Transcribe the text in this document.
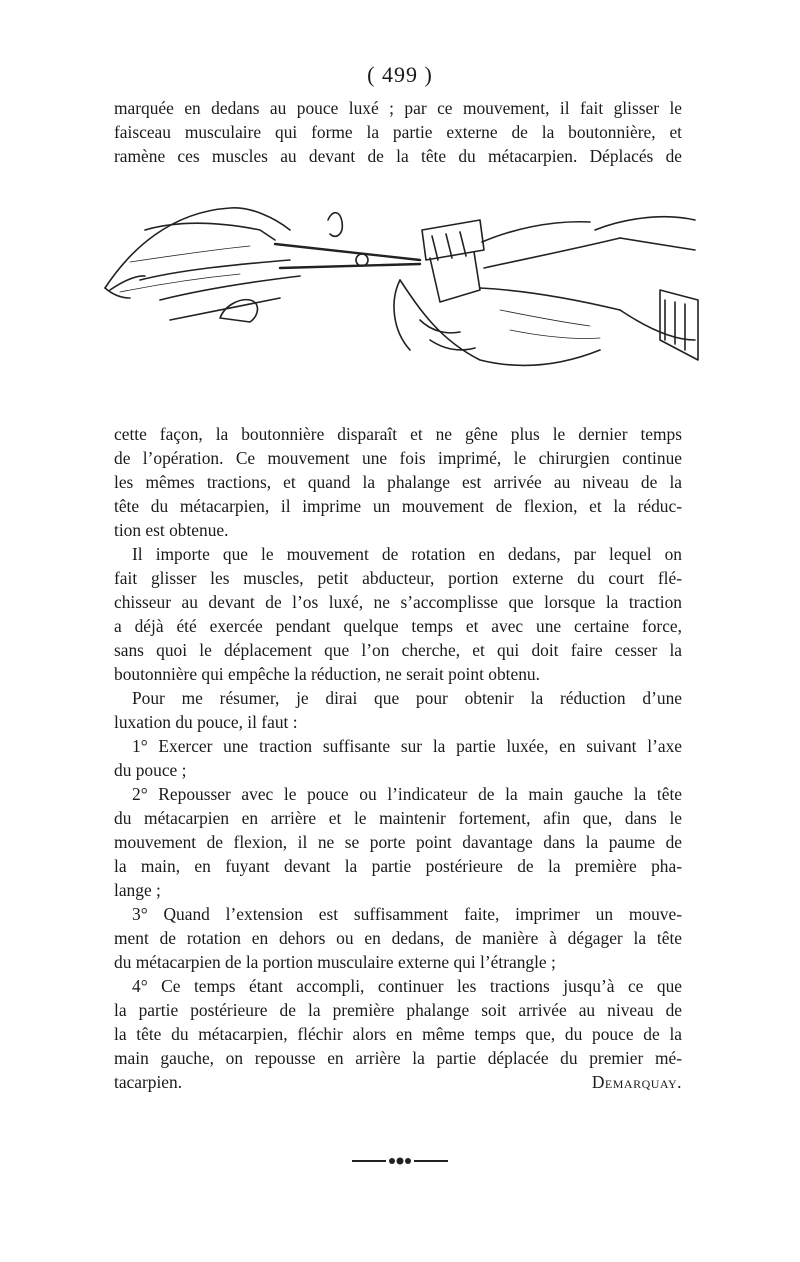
( 499 )
marquée en dedans au pouce luxé ; par ce mouvement, il fait glisser le
faisceau musculaire qui forme la partie externe de la boutonnière, et
ramène ces muscles au devant de la tête du métacarpien. Déplacés de
cette façon, la boutonnière disparaît et ne gêne plus le dernier temps
de l’opération. Ce mouvement une fois imprimé, le chirurgien continue
les mêmes tractions, et quand la phalange est arrivée au niveau de la
tête du métacarpien, il imprime un mouvement de flexion, et la réduc-
tion est obtenue.
Il importe que le mouvement de rotation en dedans, par lequel on
fait glisser les muscles, petit abducteur, portion externe du court flé-
chisseur au devant de l’os luxé, ne s’accomplisse que lorsque la traction
a déjà été exercée pendant quelque temps et avec une certaine force,
sans quoi le déplacement que l’on cherche, et qui doit faire cesser la
boutonnière qui empêche la réduction, ne serait point obtenu.
Pour me résumer, je dirai que pour obtenir la réduction d’une
luxation du pouce, il faut :
1° Exercer une traction suffisante sur la partie luxée, en suivant l’axe
du pouce ;
2° Repousser avec le pouce ou l’indicateur de la main gauche la tête
du métacarpien en arrière et le maintenir fortement, afin que, dans le
mouvement de flexion, il ne se porte point davantage dans la paume de
la main, en fuyant devant la partie postérieure de la première pha-
lange ;
3° Quand l’extension est suffisamment faite, imprimer un mouve-
ment de rotation en dehors ou en dedans, de manière à dégager la tête
du métacarpien de la portion musculaire externe qui l’étrangle ;
4° Ce temps étant accompli, continuer les tractions jusqu’à ce que
la partie postérieure de la première phalange soit arrivée au niveau de
la tête du métacarpien, fléchir alors en même temps que, du pouce de la
main gauche, on repousse en arrière la partie déplacée du premier mé-
tacarpien.	Demarquay.
